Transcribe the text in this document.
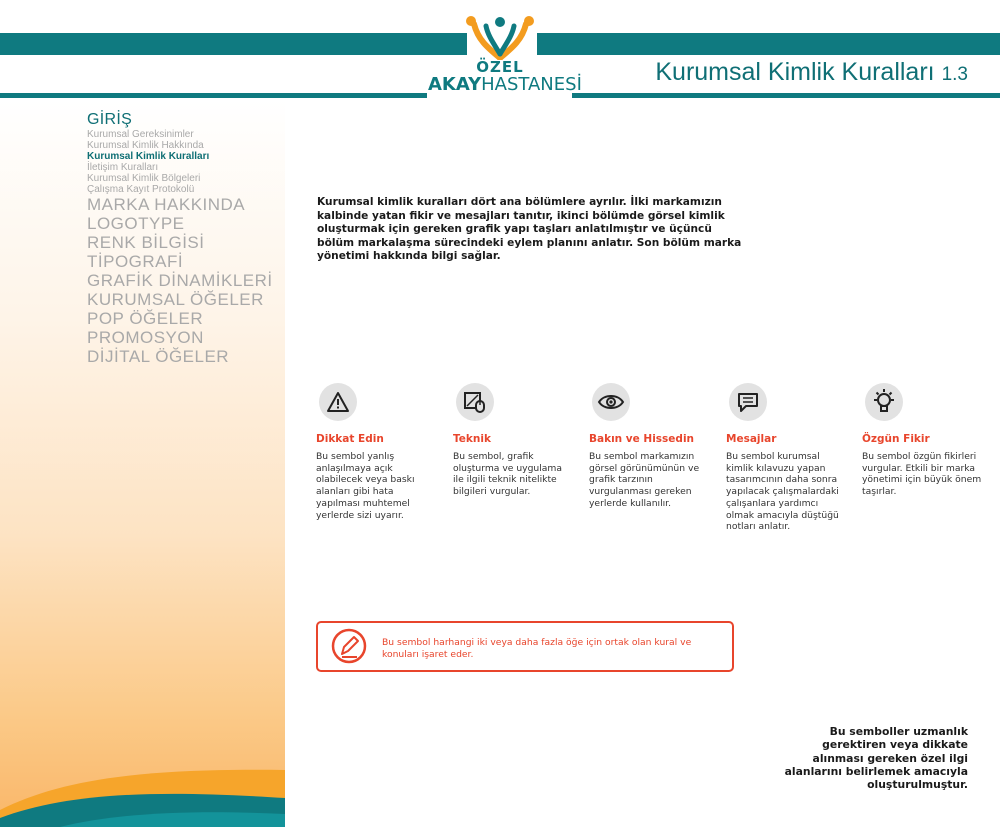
ÖZEL
AKAYHASTANESİ	Kurumsal Kimlik Kuralları 1.3
GİRİŞ
Kurumsal Gereksinimler
Kurumsal Kimlik Hakkında
Kurumsal Kimlik Kuralları
İletişim Kuralları
Kurumsal Kimlik Bölgeleri
Çalışma Kayıt Protokolü
MARKA HAKKINDA
LOGOTYPE
RENK BİLGİSİ
TİPOGRAFİ
GRAFİK DİNAMİKLERİ
KURUMSAL ÖĞELER
POP ÖĞELER
PROMOSYON
DİJİTAL ÖĞELER

Kurumsal kimlik kuralları dört ana bölümlere ayrılır. İlki markamızın kalbinde yatan fikir ve mesajları tanıtır, ikinci bölümde görsel kimlik oluşturmak için gereken grafik yapı taşları anlatılmıştır ve üçüncü bölüm markalaşma sürecindeki eylem planını anlatır. Son bölüm marka yönetimi hakkında bilgi sağlar.

Dikkat Edin
Bu sembol yanlış anlaşılmaya açık olabilecek veya baskı alanları gibi hata yapılması muhtemel yerlerde sizi uyarır.
Teknik
Bu sembol, grafik oluşturma ve uygulama ile ilgili teknik nitelikte bilgileri vurgular.
Bakın ve Hissedin
Bu sembol markamızın görsel görünümünün ve grafik tarzının vurgulanması gereken yerlerde kullanılır.
Mesajlar
Bu sembol kurumsal kimlik kılavuzu yapan tasarımcının daha sonra yapılacak çalışmalardaki çalışanlara yardımcı olmak amacıyla düştüğü notları anlatır.
Özgün Fikir
Bu sembol özgün fikirleri vurgular. Etkili bir marka yönetimi için büyük önem taşırlar.
Bu sembol harhangi iki veya daha fazla öğe için ortak olan kural ve konuları işaret eder.

Bu semboller uzmanlık gerektiren veya dikkate alınması gereken özel ilgi alanlarını belirlemek amacıyla oluşturulmuştur.
